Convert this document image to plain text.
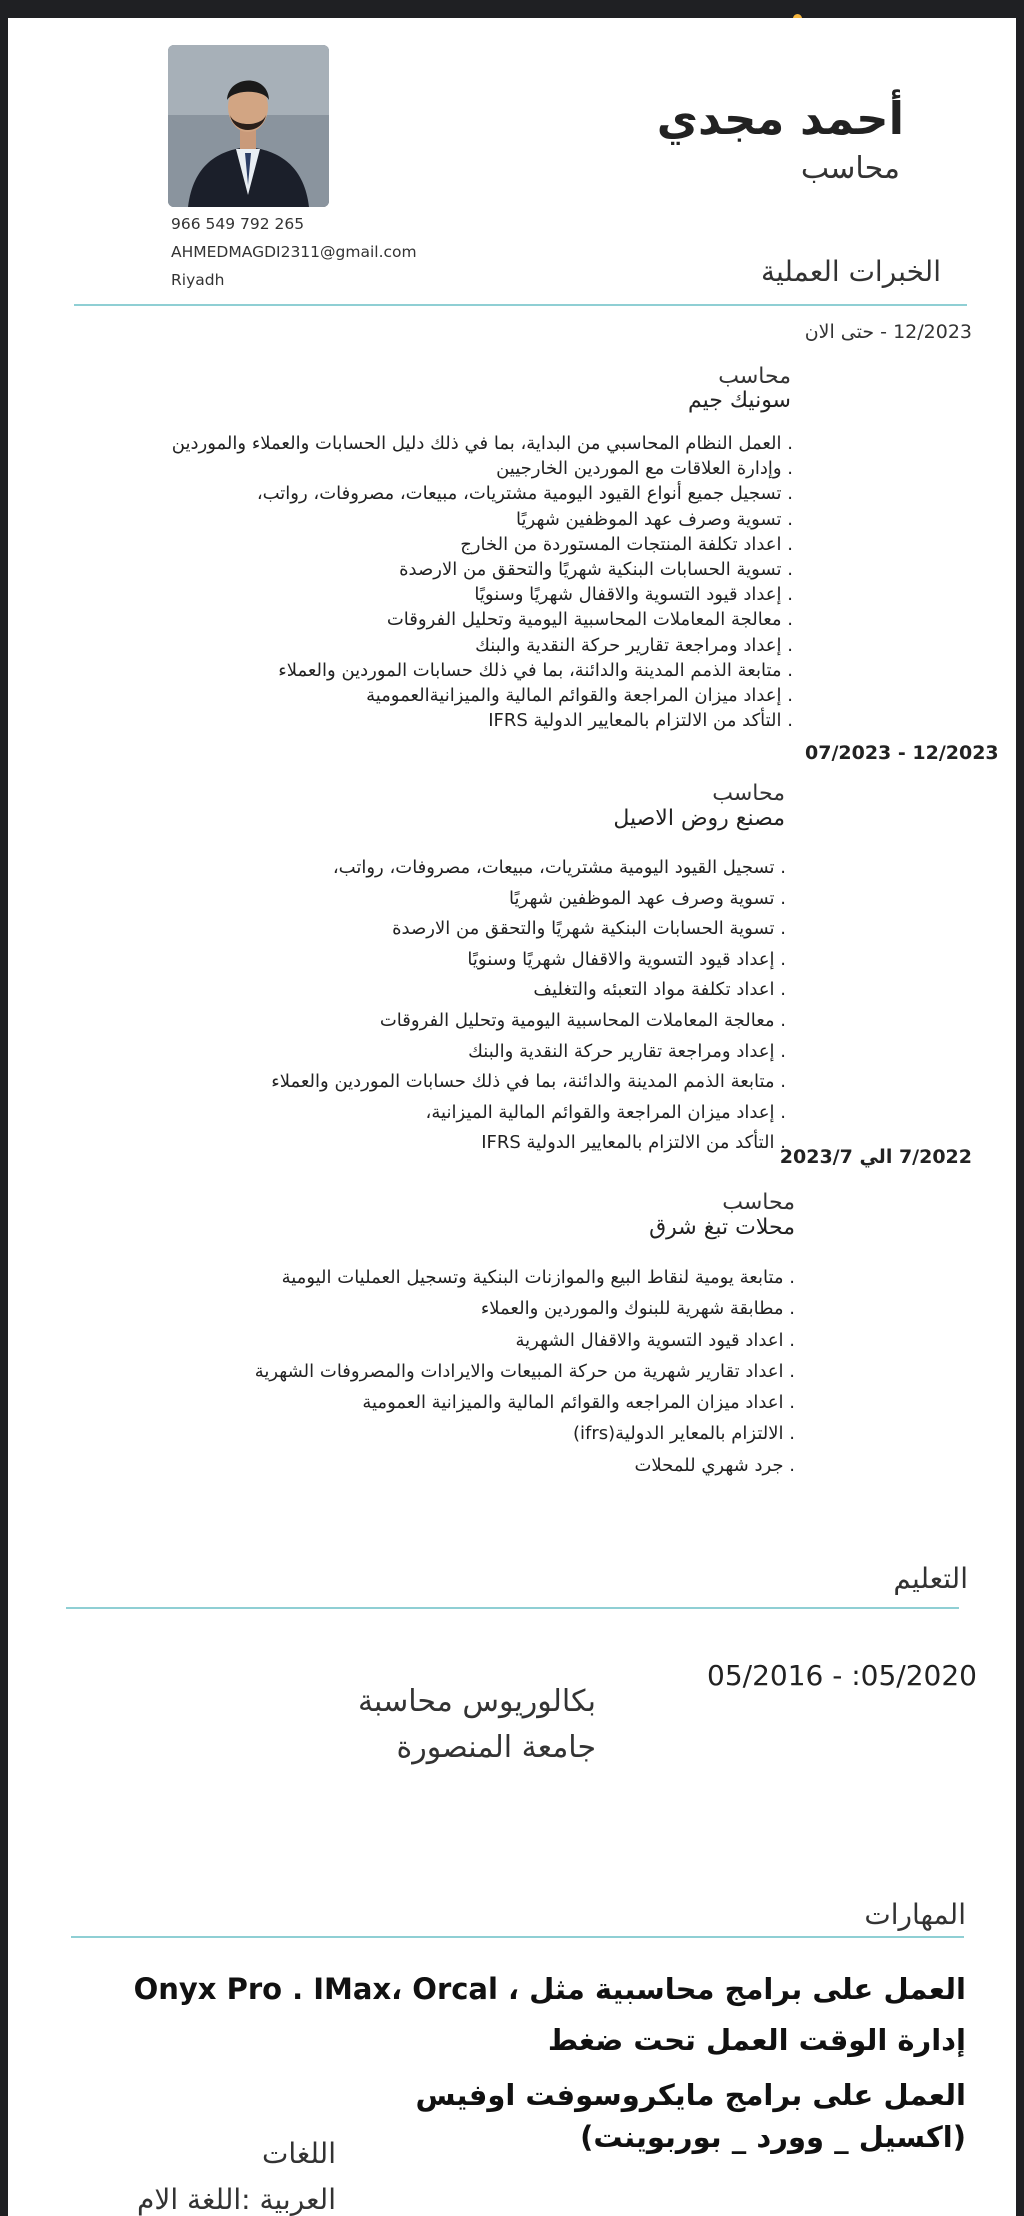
966 549 792 265
AHMEDMAGDI2311@gmail.com
Riyadh
أحمد مجدي
محاسب
الخبرات العملية
12/2023 - حتى الان
محاسب
سونيك جيم
. العمل النظام المحاسبي من البداية، بما في ذلك دليل الحسابات والعملاء والموردين
. وإدارة العلاقات مع الموردين الخارجيين
. تسجيل جميع أنواع القيود اليومية مشتريات، مبيعات، مصروفات، رواتب،
. تسوية وصرف عهد الموظفين شهريًا
. اعداد تكلفة المنتجات المستوردة من الخارج
. تسوية الحسابات البنكية شهريًا والتحقق من الارصدة
. إعداد قيود التسوية والاقفال شهريًا وسنويًا
. معالجة المعاملات المحاسبية اليومية وتحليل الفروقات
. إعداد ومراجعة تقارير حركة النقدية والبنك
. متابعة الذمم المدينة والدائنة، بما في ذلك حسابات الموردين والعملاء
. إعداد ميزان المراجعة والقوائم المالية والميزانيةالعمومية
. التأكد من الالتزام بالمعايير الدولية IFRS
07/2023 - 12/2023
محاسب
مصنع روض الاصيل
. تسجيل القيود اليومية مشتريات، مبيعات، مصروفات، رواتب،
. تسوية وصرف عهد الموظفين شهريًا
. تسوية الحسابات البنكية شهريًا والتحقق من الارصدة
. إعداد قيود التسوية والاقفال شهريًا وسنويًا
. اعداد تكلفة مواد التعبئه والتغليف
. معالجة المعاملات المحاسبية اليومية وتحليل الفروقات
. إعداد ومراجعة تقارير حركة النقدية والبنك
. متابعة الذمم المدينة والدائنة، بما في ذلك حسابات الموردين والعملاء
. إعداد ميزان المراجعة والقوائم المالية الميزانية،
. التأكد من الالتزام بالمعايير الدولية IFRS
7/2022 الي 2023/7
محاسب
محلات تبغ شرق
. متابعة يومية لنقاط البيع والموازنات البنكية وتسجيل العمليات اليومية
. مطابقة شهرية للبنوك والموردين والعملاء
. اعداد قيود التسوية والاقفال الشهرية
. اعداد تقارير شهرية من حركة المبيعات والايرادات والمصروفات الشهرية
. اعداد ميزان المراجعه والقوائم المالية والميزانية العمومية
. الالتزام بالمعاير الدولية(ifrs)
. جرد شهري للمحلات
التعليم
05/2016 - :05/2020
بكالوريوس محاسبة
جامعة المنصورة
المهارات
العمل على برامج محاسبية مثل ، Onyx Pro . IMax، Orcal
إدارة الوقت العمل تحت ضغط
العمل على برامج مايكروسوفت اوفيس
(اكسيل _ وورد _ بوربوينت)
اللغات
العربية :اللغة الام
